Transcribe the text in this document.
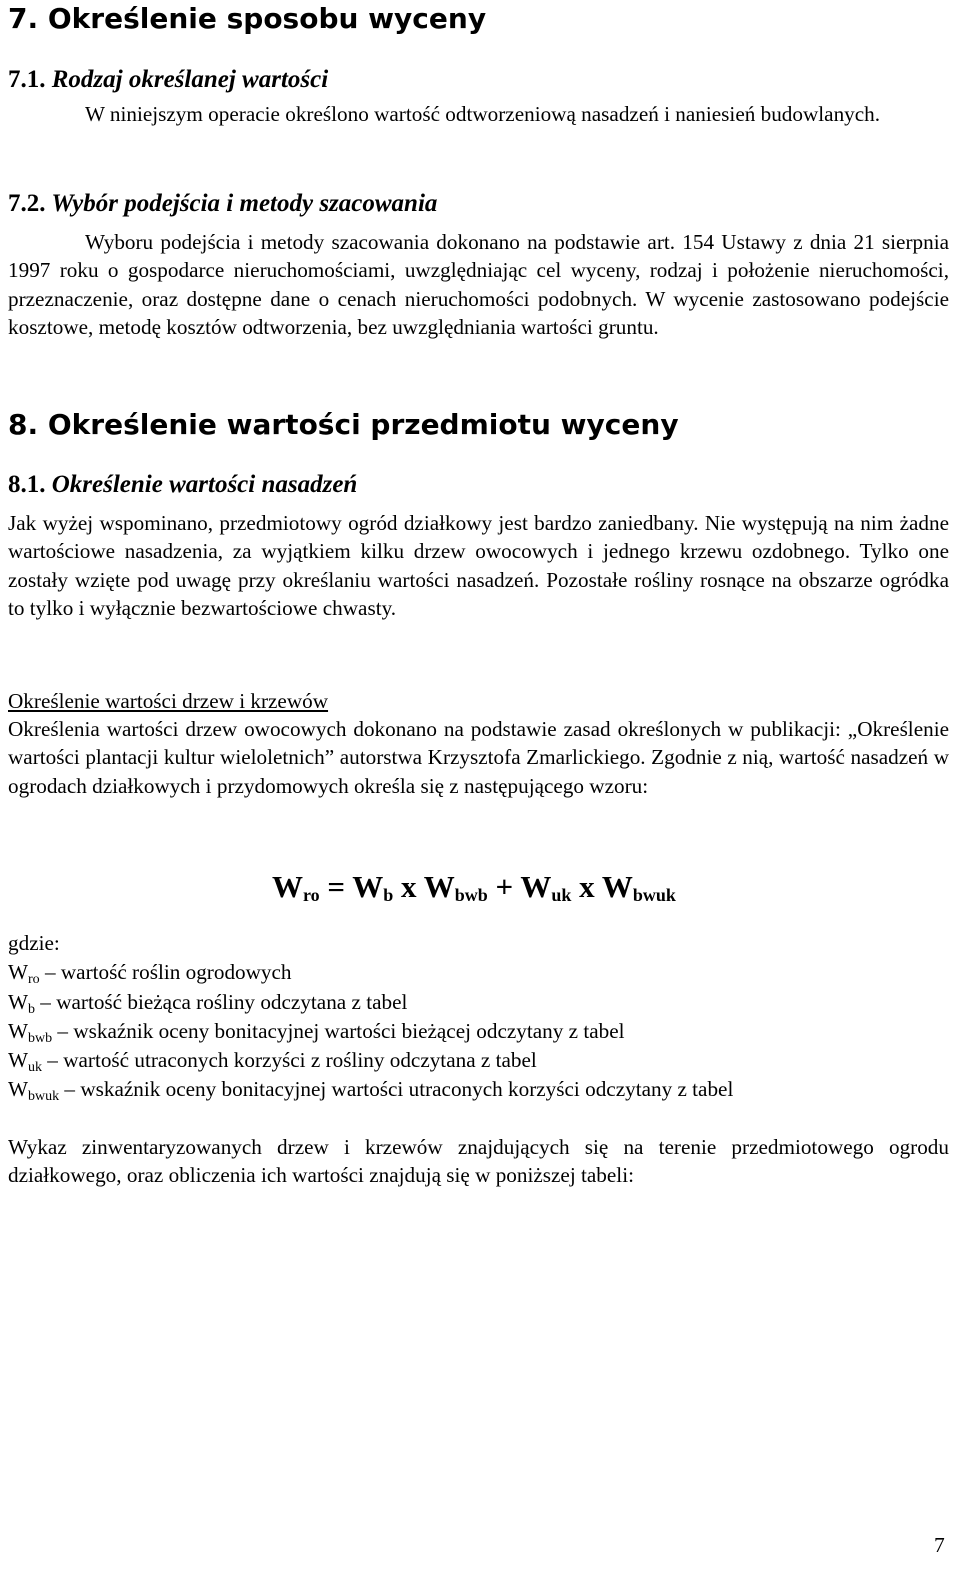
7. Określenie sposobu wyceny
7.1. Rodzaj określanej wartości

W niniejszym operacie określono wartość odtworzeniową nasadzeń i naniesień budowlanych.

7.2. Wybór podejścia i metody szacowania

Wyboru podejścia i metody szacowania dokonano na podstawie art. 154 Ustawy z dnia 21 sierpnia 1997 roku o gospodarce nieruchomościami, uwzględniając cel wyceny, rodzaj i położenie nieruchomości, przeznaczenie, oraz dostępne dane o cenach nieruchomości podobnych. W wycenie zastosowano podejście kosztowe, metodę kosztów odtworzenia, bez uwzględniania wartości gruntu.

8. Określenie wartości przedmiotu wyceny
8.1. Określenie wartości nasadzeń

Jak wyżej wspominano, przedmiotowy ogród działkowy jest bardzo zaniedbany. Nie występują na nim żadne wartościowe nasadzenia, za wyjątkiem kilku drzew owocowych i jednego krzewu ozdobnego. Tylko one zostały wzięte pod uwagę przy określaniu wartości nasadzeń. Pozostałe rośliny rosnące na obszarze ogródka to tylko i wyłącznie bezwartościowe chwasty.

Określenie wartości drzew i krzewów

Określenia wartości drzew owocowych dokonano na podstawie zasad określonych w publikacji: „Określenie wartości plantacji kultur wieloletnich” autorstwa Krzysztofa Zmarlickiego. Zgodnie z nią, wartość nasadzeń w ogrodach działkowych i przydomowych określa się z następującego wzoru:

$W_{ro} = W_b$ x $W_{bwb} + W_{uk}$ x $W_{bwuk}$
gdzie:
$W_{ro}$ – wartość roślin ogrodowych
$W_b$ – wartość bieżąca rośliny odczytana z tabel
$W_{bwb}$ – wskaźnik oceny bonitacyjnej wartości bieżącej odczytany z tabel
$W_{uk}$ – wartość utraconych korzyści z rośliny odczytana z tabel
$W_{bwuk}$ – wskaźnik oceny bonitacyjnej wartości utraconych korzyści odczytany z tabel

Wykaz zinwentaryzowanych drzew i krzewów znajdujących się na terenie przedmiotowego ogrodu działkowego, oraz obliczenia ich wartości znajdują się w poniższej tabeli:

7
